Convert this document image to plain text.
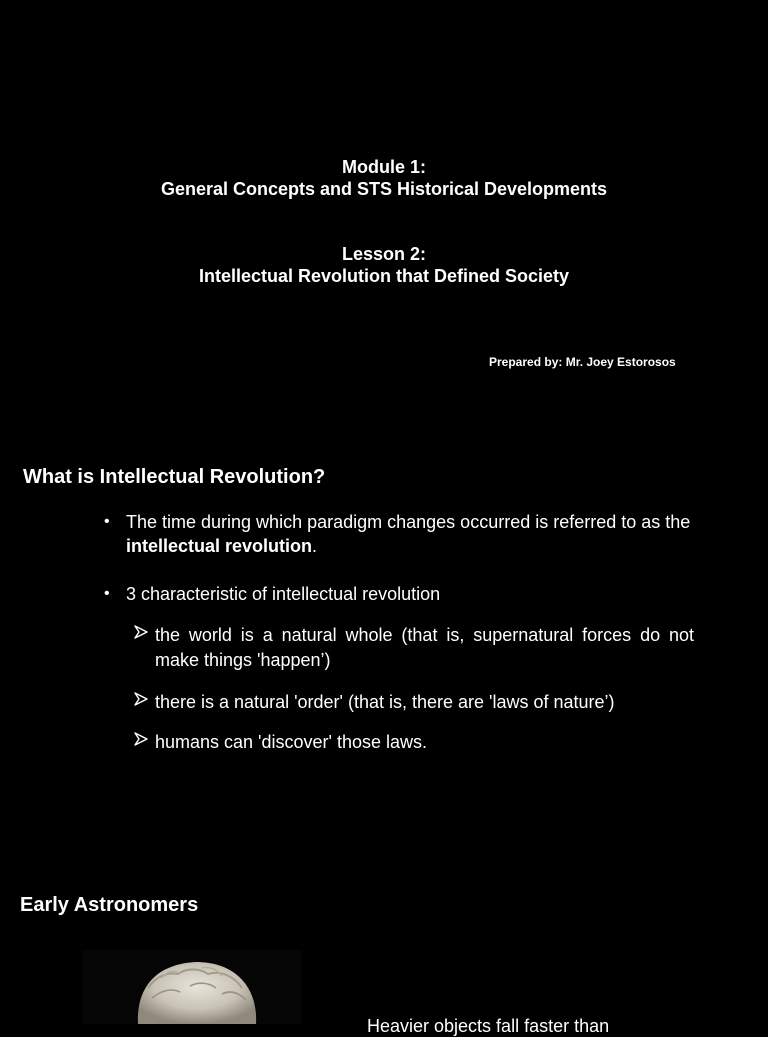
Module 1:
General Concepts and STS Historical Developments
Lesson 2:
Intellectual Revolution that Defined Society
Prepared by: Mr. Joey Estorosos
What is Intellectual Revolution?
• The time during which paradigm changes occurred is referred to as the intellectual revolution.
• 3 characteristic of intellectual revolution
the world is a natural whole (that is, supernatural forces do not make things 'happen’)
there is a natural 'order' (that is, there are 'laws of nature’)
humans can 'discover' those laws.
Early Astronomers
Heavier objects fall faster than
